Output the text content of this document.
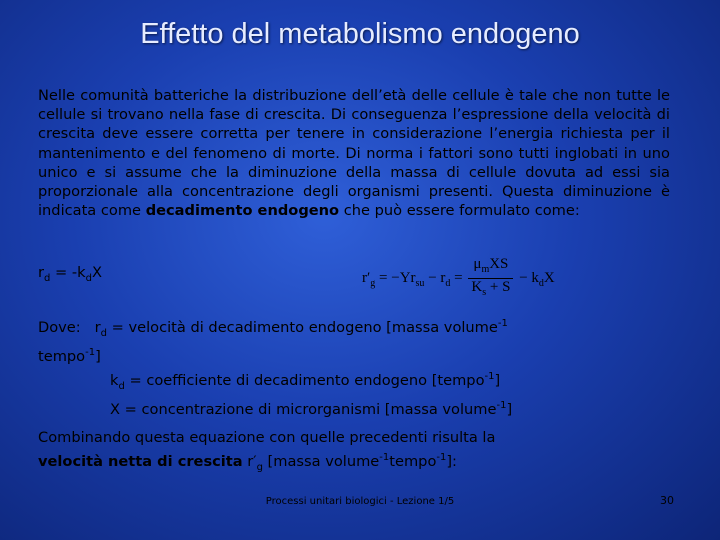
Effetto del metabolismo endogeno
Nelle comunità batteriche la distribuzione dell’età delle cellule è tale che non tutte le cellule si trovano nella fase di crescita. Di conseguenza l’espressione della velocità di crescita deve essere corretta per tenere in considerazione l’energia richiesta per il mantenimento e del fenomeno di morte. Di norma i fattori sono tutti inglobati in uno unico e si assume che la diminuzione della massa di cellule dovuta ad essi sia proporzionale alla concentrazione degli organismi presenti. Questa diminuzione è indicata come decadimento endogeno che può essere formulato come:
$r_d = -k_dX$	$r'_g = -Yr_{su} - r_d = \frac{\mu_mXS}{K_s + S} - k_dX$
Dove:   $r_d$ = velocità di decadimento endogeno [massa volume$^{-1}$
tempo$^{-1}$]
$k_d$ = coefficiente di decadimento endogeno [tempo$^{-1}$]
X = concentrazione di microrganismi [massa volume$^{-1}$]
Combinando questa equazione con quelle precedenti risulta la
velocità netta di crescita $r'_g$ [massa volume$^{-1}$tempo$^{-1}$]:
Processi unitari biologici - Lezione 1/5	30
